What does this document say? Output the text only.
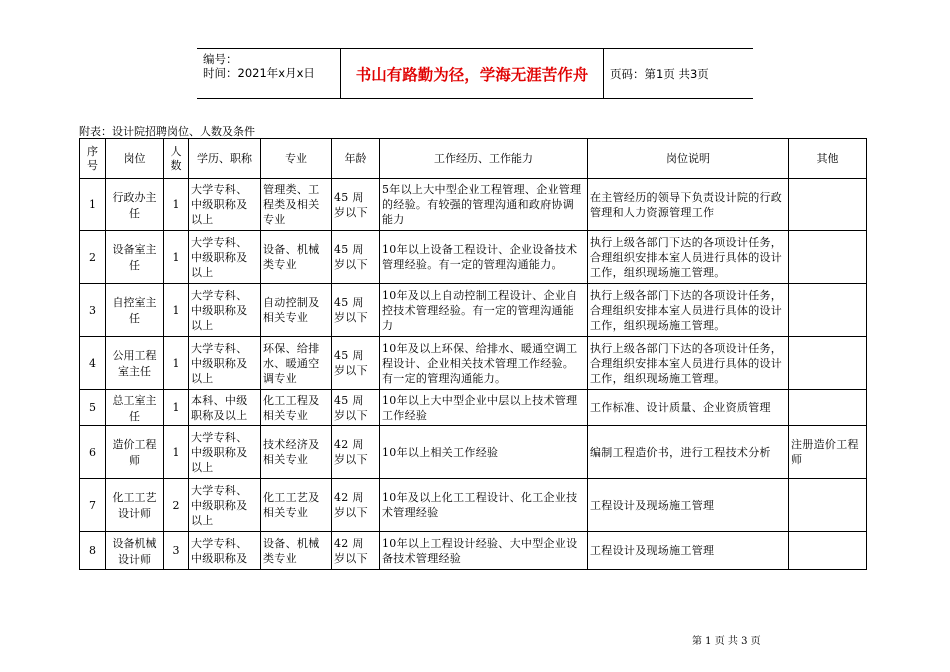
编号：
时间：2021年x月x日	书山有路勤为径，学海无涯苦作舟	页码：第1页 共3页
附表：设计院招聘岗位、人数及条件
序号	岗位	人数	学历、职称	专业	年龄	工作经历、工作能力	岗位说明	其他
1	行政办主任	1	大学专科、中级职称及以上	管理类、工程类及相关专业	45 周 岁以下	5年以上大中型企业工程管理、企业管理的经验。有较强的管理沟通和政府协调能力	在主管经历的领导下负责设计院的行政管理和人力资源管理工作	
2	设备室主任	1	大学专科、中级职称及以上	设备、机械类专业	45 周 岁以下	10年以上设备工程设计、企业设备技术管理经验。有一定的管理沟通能力。	执行上级各部门下达的各项设计任务，合理组织安排本室人员进行具体的设计工作，组织现场施工管理。	
3	自控室主任	1	大学专科、中级职称及以上	自动控制及相关专业	45 周 岁以下	10年及以上自动控制工程设计、企业自控技术管理经验。有一定的管理沟通能力	执行上级各部门下达的各项设计任务，合理组织安排本室人员进行具体的设计工作，组织现场施工管理。	
4	公用工程室主任	1	大学专科、中级职称及以上	环保、给排水、暖通空调专业	45 周 岁以下	10年及以上环保、给排水、暖通空调工程设计、企业相关技术管理工作经验。有一定的管理沟通能力。	执行上级各部门下达的各项设计任务，合理组织安排本室人员进行具体的设计工作，组织现场施工管理。	
5	总工室主任	1	本科、中级职称及以上	化工工程及相关专业	45 周 岁以下	10年以上大中型企业中层以上技术管理工作经验	工作标准、设计质量、企业资质管理	
6	造价工程师	1	大学专科、中级职称及以上	技术经济及相关专业	42 周 岁以下	10年以上相关工作经验	编制工程造价书，进行工程技术分析	注册造价工程师
7	化工工艺设计师	2	大学专科、中级职称及以上	化工工艺及相关专业	42 周 岁以下	10年及以上化工工程设计、化工企业技术管理经验	工程设计及现场施工管理	
8	设备机械设计师	3	大学专科、中级职称及	设备、机械类专业	42 周 岁以下	10年以上工程设计经验、大中型企业设备技术管理经验	工程设计及现场施工管理	
第 1 页 共 3 页
